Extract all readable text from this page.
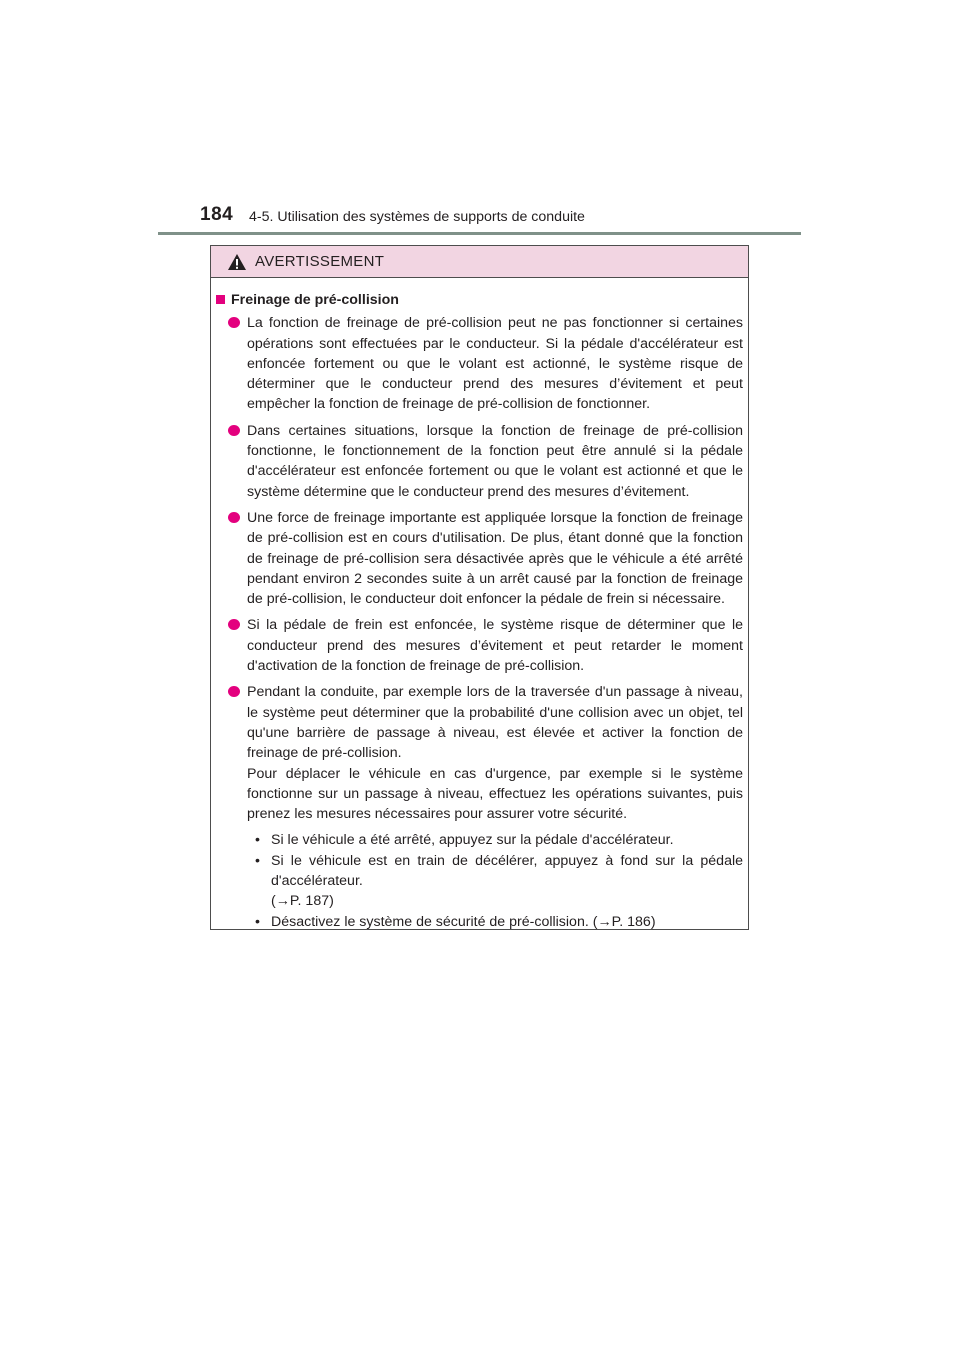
184 4-5. Utilisation des systèmes de supports de conduite
AVERTISSEMENT
Freinage de pré-collision
La fonction de freinage de pré-collision peut ne pas fonctionner si certaines opérations sont effectuées par le conducteur. Si la pédale d'accélérateur est enfoncée fortement ou que le volant est actionné, le système risque de déterminer que le conducteur prend des mesures d’évitement et peut empêcher la fonction de freinage de pré-collision de fonctionner.
Dans certaines situations, lorsque la fonction de freinage de pré-collision fonctionne, le fonctionnement de la fonction peut être annulé si la pédale d'accélérateur est enfoncée fortement ou que le volant est actionné et que le système détermine que le conducteur prend des mesures d’évitement.
Une force de freinage importante est appliquée lorsque la fonction de freinage de pré-collision est en cours d'utilisation. De plus, étant donné que la fonction de freinage de pré-collision sera désactivée après que le véhicule a été arrêté pendant environ 2 secondes suite à un arrêt causé par la fonction de freinage de pré-collision, le conducteur doit enfoncer la pédale de frein si nécessaire.
Si la pédale de frein est enfoncée, le système risque de déterminer que le conducteur prend des mesures d’évitement et peut retarder le moment d'activation de la fonction de freinage de pré-collision.

Pendant la conduite, par exemple lors de la traversée d'un passage à niveau, le système peut déterminer que la probabilité d'une collision avec un objet, tel qu'une barrière de passage à niveau, est élevée et activer la fonction de freinage de pré-collision.

Pour déplacer le véhicule en cas d'urgence, par exemple si le système fonctionne sur un passage à niveau, effectuez les opérations suivantes, puis prenez les mesures nécessaires pour assurer votre sécurité.

• Si le véhicule a été arrêté, appuyez sur la pédale d'accélérateur.
• Si le véhicule est en train de décélérer, appuyez à fond sur la pédale d'accélérateur.
(→P. 187)
• Désactivez le système de sécurité de pré-collision. (→P. 186)
